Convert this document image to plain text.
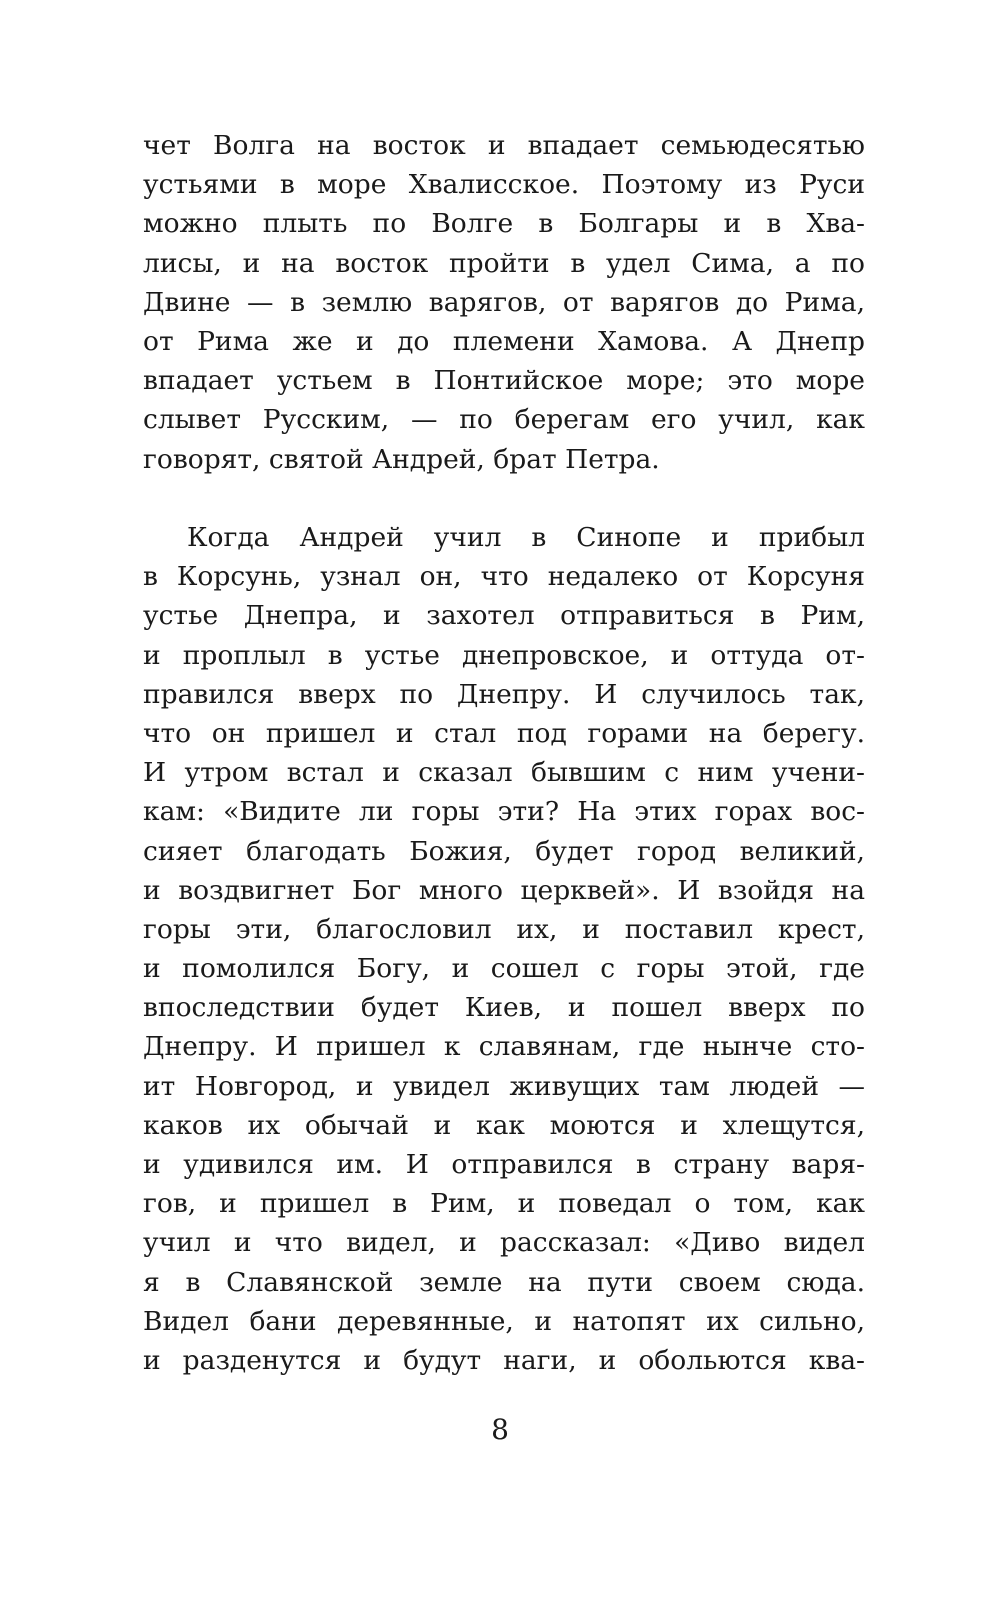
чет Волга на восток и впадает семьюдесятью
устьями в море Хвалисское. Поэтому из Руси
можно плыть по Волге в Болгары и в Хва-
лисы, и на восток пройти в удел Сима, а по
Двине — в землю варягов, от варягов до Рима,
от Рима же и до племени Хамова. А Днепр
впадает устьем в Понтийское море; это море
слывет Русским, — по берегам его учил, как
говорят, святой Андрей, брат Петра.
Когда Андрей учил в Синопе и прибыл
в Корсунь, узнал он, что недалеко от Корсуня
устье Днепра, и захотел отправиться в Рим,
и проплыл в устье днепровское, и оттуда от-
правился вверх по Днепру. И случилось так,
что он пришел и стал под горами на берегу.
И утром встал и сказал бывшим с ним учени-
кам: «Видите ли горы эти? На этих горах вос-
сияет благодать Божия, будет город великий,
и воздвигнет Бог много церквей». И взойдя на
горы эти, благословил их, и поставил крест,
и помолился Богу, и сошел с горы этой, где
впоследствии будет Киев, и пошел вверх по
Днепру. И пришел к славянам, где нынче сто-
ит Новгород, и увидел живущих там людей —
каков их обычай и как моются и хлещутся,
и удивился им. И отправился в страну варя-
гов, и пришел в Рим, и поведал о том, как
учил и что видел, и рассказал: «Диво видел
я в Славянской земле на пути своем сюда.
Видел бани деревянные, и натопят их сильно,
и разденутся и будут наги, и обольются ква-
8
